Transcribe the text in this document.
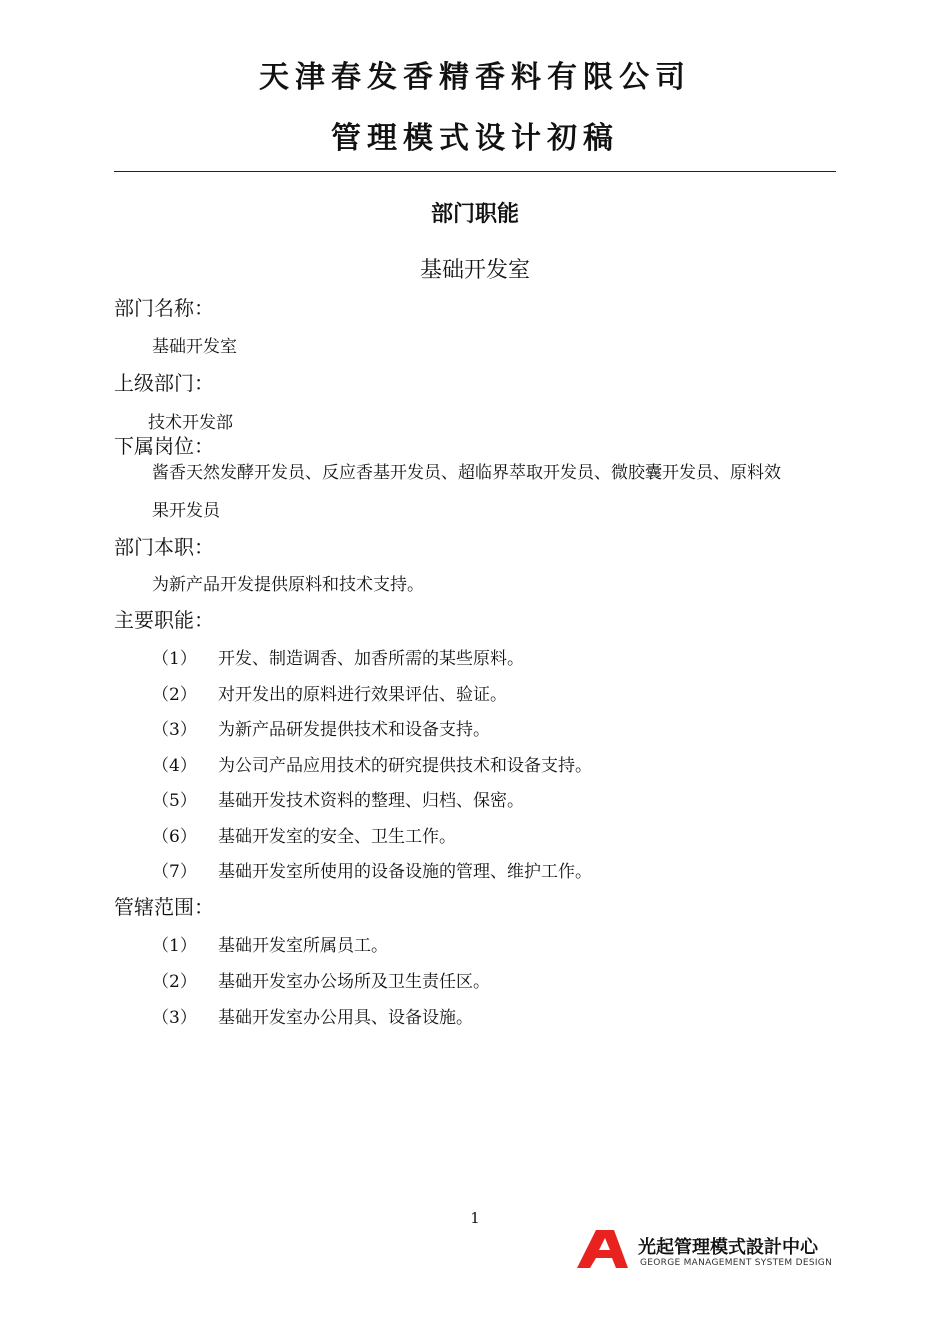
天津春发香精香料有限公司
管理模式设计初稿
部门职能
基础开发室
部门名称：
基础开发室
上级部门：
技术开发部
下属岗位：
酱香天然发酵开发员、反应香基开发员、超临界萃取开发员、微胶囊开发员、原料效
果开发员
部门本职：
为新产品开发提供原料和技术支持。
主要职能：
（1） 开发、制造调香、加香所需的某些原料。
（2） 对开发出的原料进行效果评估、验证。
（3） 为新产品研发提供技术和设备支持。
（4） 为公司产品应用技术的研究提供技术和设备支持。
（5） 基础开发技术资料的整理、归档、保密。
（6） 基础开发室的安全、卫生工作。
（7） 基础开发室所使用的设备设施的管理、维护工作。
管辖范围：
（1） 基础开发室所属员工。
（2） 基础开发室办公场所及卫生责任区。
（3） 基础开发室办公用具、设备设施。
1
光起管理模式設計中心
GEORGE MANAGEMENT SYSTEM DESIGN
